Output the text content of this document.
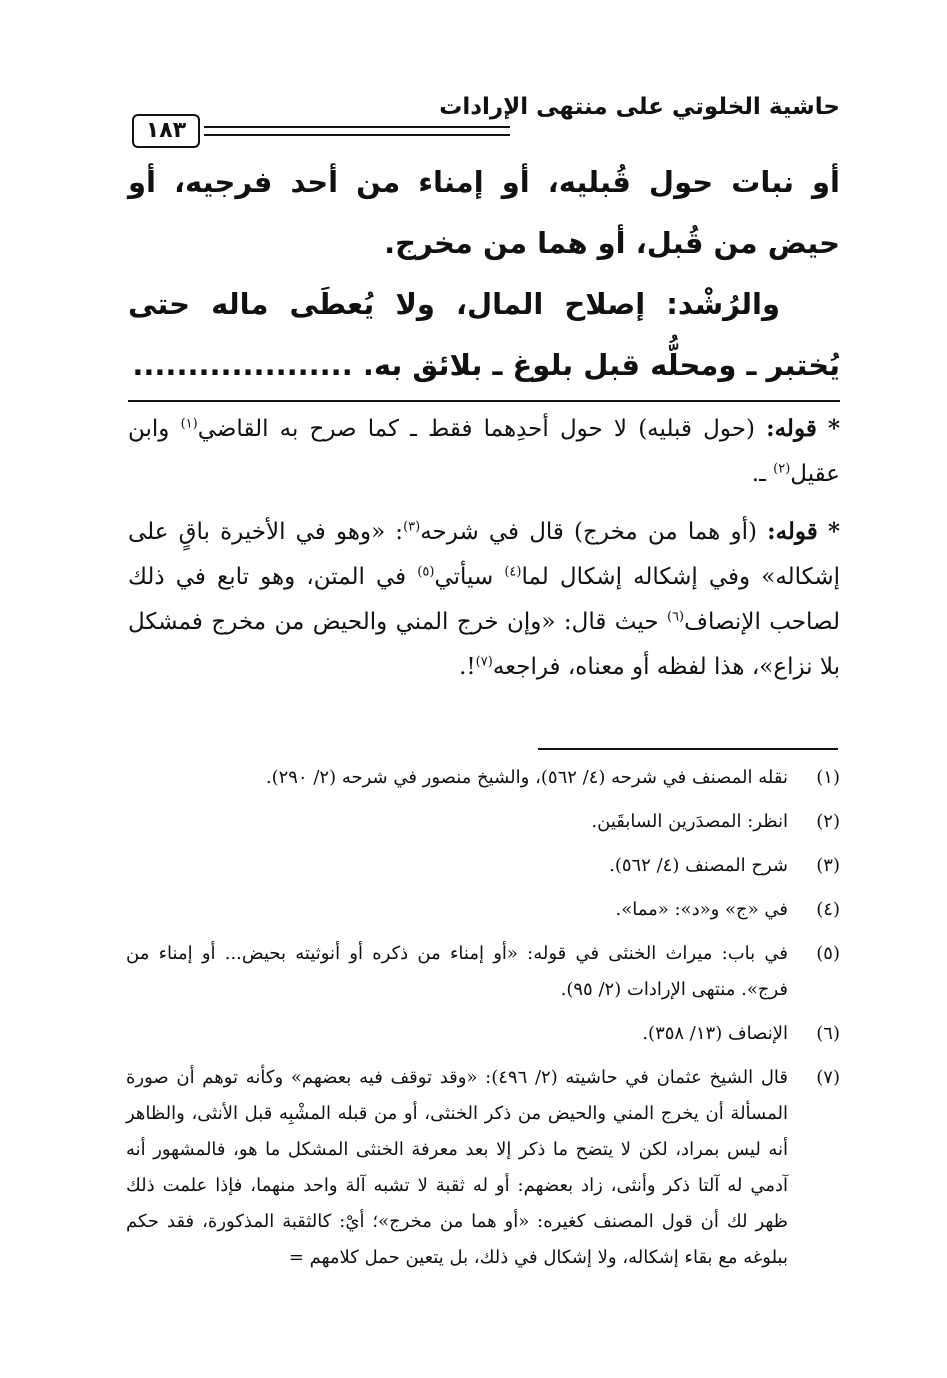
١٨٣
حاشية الخلوتي على منتهى الإرادات

أو نبات حول قُبليه، أو إمناء من أحد فرجيه، أو حيض من قُبل، أو هما من مخرج.

والرُشْد: إصلاح المال، ولا يُعطَى ماله حتى يُختبر ـ ومحلُّه قبل بلوغ ـ بلائق به. ....................

* قوله: (حول قبليه) لا حول أحدِهما فقط ـ كما صرح به القاضي$^{(١)}$ وابن عقيل$^{(٢)}$ ـ.

* قوله: (أو هما من مخرج) قال في شرحه$^{(٣)}$: «وهو في الأخيرة باقٍ على إشكاله» وفي إشكاله إشكال لما$^{(٤)}$ سيأتي$^{(٥)}$ في المتن، وهو تابع في ذلك لصاحب الإنصاف$^{(٦)}$ حيث قال: «وإن خرج المني والحيض من مخرج فمشكل بلا نزاع»، هذا لفظه أو معناه، فراجعه$^{(٧)}$!.

(١)
نقله المصنف في شرحه (٤/ ٥٦٢)، والشيخ منصور في شرحه (٢/ ٢٩٠).
(٢)
انظر: المصدَرين السابقَين.
(٣)
شرح المصنف (٤/ ٥٦٢).
(٤)
في «ج» و«د»: «مما».
(٥)
في باب: ميراث الخنثى في قوله: «أو إمناء من ذكره أو أنوثيته بحيض... أو إمناء من فرج». منتهى الإرادات (٢/ ٩٥).
(٦)
الإنصاف (١٣/ ٣٥٨).
(٧)
قال الشيخ عثمان في حاشيته (٢/ ٤٩٦): «وقد توقف فيه بعضهم» وكأنه توهم أن صورة المسألة أن يخرج المني والحيض من ذكر الخنثى، أو من قبله المشْبِه قبل الأنثى، والظاهر أنه ليس بمراد، لكن لا يتضح ما ذكر إلا بعد معرفة الخنثى المشكل ما هو، فالمشهور أنه آدمي له آلتا ذكر وأنثى، زاد بعضهم: أو له ثقبة لا تشبه آلة واحد منهما، فإذا علمت ذلك ظهر لك أن قول المصنف كغيره: «أو هما من مخرج»؛ أيْ: كالثقبة المذكورة، فقد حكم ببلوغه مع بقاء إشكاله، ولا إشكال في ذلك، بل يتعين حمل كلامهم =
